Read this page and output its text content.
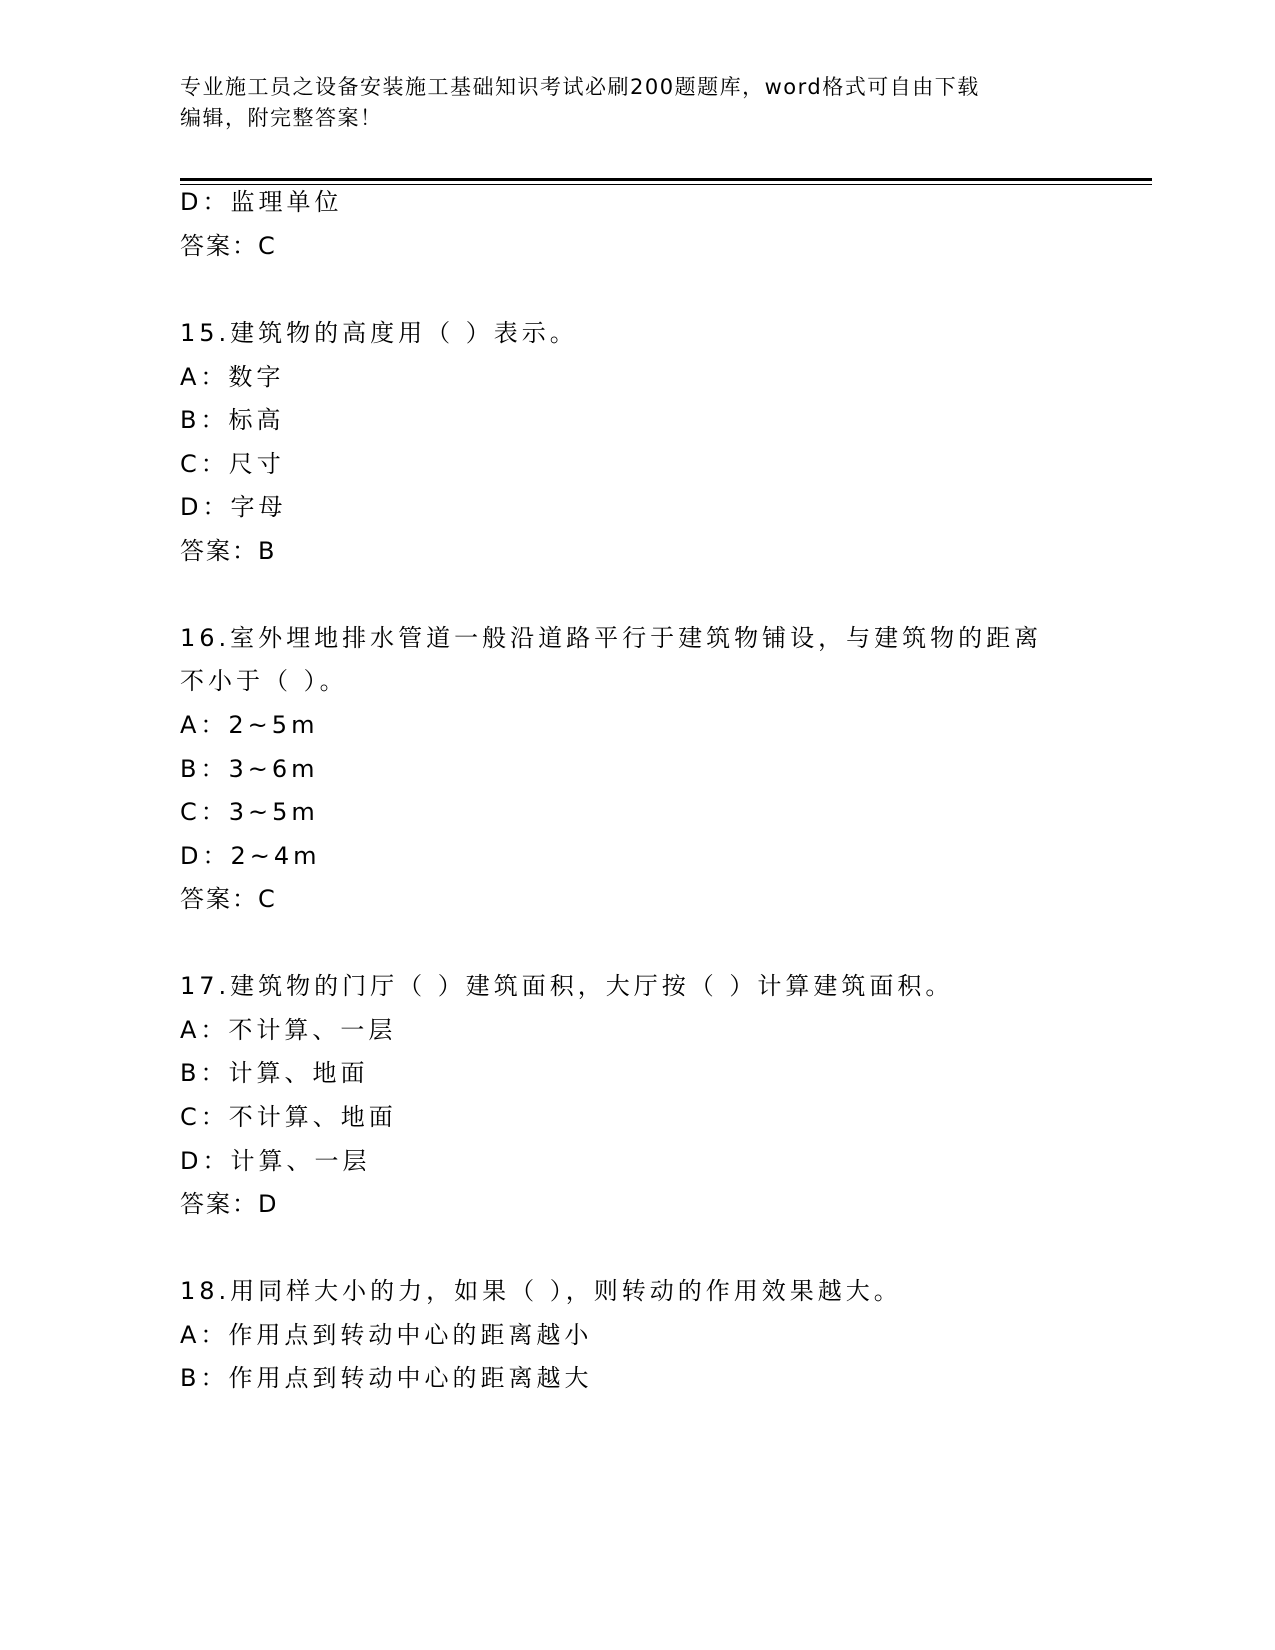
专业施工员之设备安装施工基础知识考试必刷200题题库，word格式可自由下载
编辑，附完整答案！
D：监理单位
答案：C
15.建筑物的高度用（ ）表示。
A：数字
B：标高
C：尺寸
D：字母
答案：B
16.室外埋地排水管道一般沿道路平行于建筑物铺设，与建筑物的距离
不小于（ ）。
A：2~5m
B：3~6m
C：3~5m
D：2~4m
答案：C
17.建筑物的门厅（ ）建筑面积，大厅按（ ）计算建筑面积。
A：不计算、一层
B：计算、地面
C：不计算、地面
D：计算、一层
答案：D
18.用同样大小的力，如果（ ），则转动的作用效果越大。
A：作用点到转动中心的距离越小
B：作用点到转动中心的距离越大
